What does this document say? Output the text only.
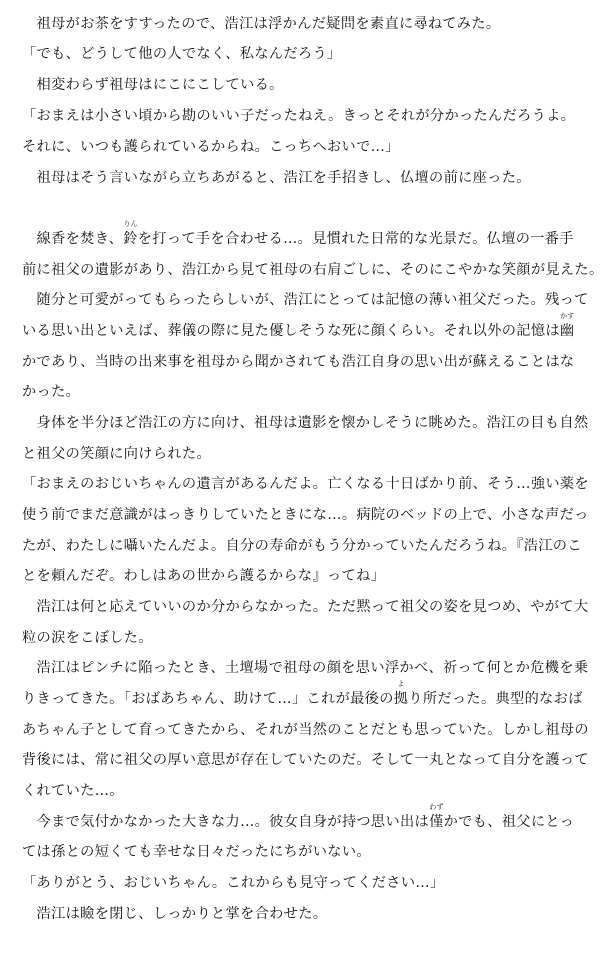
　祖母がお茶をすすったので、浩江は浮かんだ疑問を素直に尋ねてみた。
「でも、どうして他の人でなく、私なんだろう」
　相変わらず祖母はにこにこしている。
「おまえは小さい頃から勘のいい子だったねえ。きっとそれが分かったんだろうよ。
それに、いつも護られているからね。こっちへおいで…」
　祖母はそう言いながら立ちあがると、浩江を手招きし、仏壇の前に座った。
　線香を焚き、鈴
りん
を打って手を合わせる…。見慣れた日常的な光景だ。仏壇の一番手
前に祖父の遺影があり、浩江から見て祖母の右肩ごしに、そのにこやかな笑顔が見えた。
　随分と可愛がってもらったらしいが、浩江にとっては記憶の薄い祖父だった。残って
いる思い出といえば、葬儀の際に見た優しそうな死に顔くらい。それ以外の記憶は幽
かす
かであり、当時の出来事を祖母から聞かされても浩江自身の思い出が蘇えることはな
かった。
　身体を半分ほど浩江の方に向け、祖母は遺影を懐かしそうに眺めた。浩江の目も自然
と祖父の笑顔に向けられた。
「おまえのおじいちゃんの遺言があるんだよ。亡くなる十日ばかり前、そう…強い薬を
使う前でまだ意識がはっきりしていたときにな…。病院のベッドの上で、小さな声だっ
たが、わたしに囁いたんだよ。自分の寿命がもう分かっていたんだろうね。『浩江のこ
とを頼んだぞ。わしはあの世から護るからな』ってね」
　浩江は何と応えていいのか分からなかった。ただ黙って祖父の姿を見つめ、やがて大
粒の涙をこぼした。
　浩江はピンチに陥ったとき、土壇場で祖母の顔を思い浮かべ、祈って何とか危機を乗
りきってきた。「おばあちゃん、助けて…」これが最後の拠
よ
り所だった。典型的なおば
あちゃん子として育ってきたから、それが当然のことだとも思っていた。しかし祖母の
背後には、常に祖父の厚い意思が存在していたのだ。そして一丸となって自分を護って
くれていた…。
　今まで気付かなかった大きな力…。彼女自身が持つ思い出は僅
わず
かでも、祖父にとっ
ては孫との短くても幸せな日々だったにちがいない。
「ありがとう、おじいちゃん。これからも見守ってください…」
　浩江は瞼を閉じ、しっかりと掌を合わせた。
